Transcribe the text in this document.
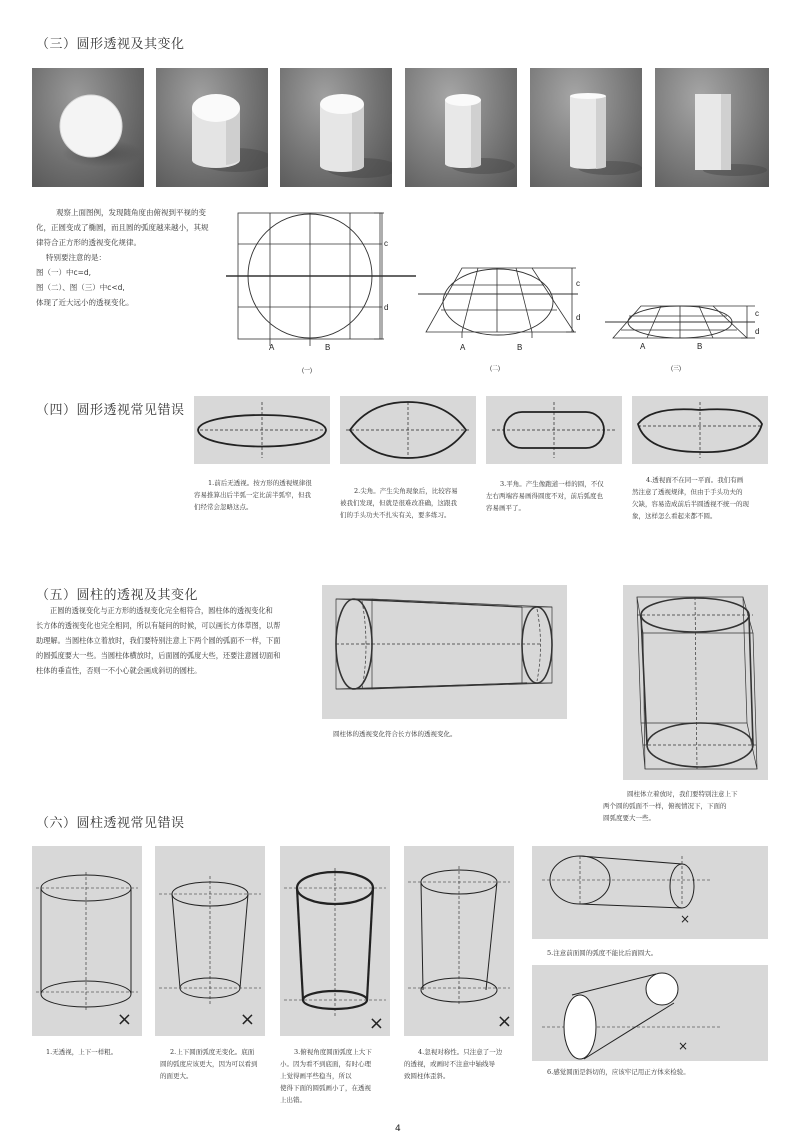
（三）圆形透视及其变化
观察上面图例，发现随角度由俯视到平视的变
化，正圆变成了椭圆，而且圆的弧度越来越小，其规
律符合正方形的透视变化规律。
特别要注意的是：
图（一）中c=d,
图（二）、图（三）中c<d,
体现了近大远小的透视变化。
c
d
A	B
(一)
c
d
A	B
(二)
c
d
A	B
(三)
（四）圆形透视常见错误
1.前后无透视。按方形的透视规律很
容易推算出后半弧一定比前半弧窄，但我
们经常会忽略这点。
2.尖角。产生尖角现象后，比较容易
被我们发现，但就是很难改准确，这跟我
们的手头功夫不扎实有关，要多练习。
3.平角。产生像跑道一样的圆，不仅
左右两端容易画得圆度不对，前后弧度也
容易画平了。
4.透视面不在同一平面。我们有画
然注意了透视规律，但由于手头功夫的
欠缺，容易造成前后半圆透视不统一的现
象，这样怎么看起来都不圆。
（五）圆柱的透视及其变化
正圆的透视变化与正方形的透视变化完全相符合，圆柱体的透视变化和
长方体的透视变化也完全相同，所以有疑问的时候，可以画长方体草图，以帮
助理解。当圆柱体立着放时，我们要特别注意上下两个圆的弧面不一样，下面
的圆弧度要大一些。当圆柱体横放时，后面圆的弧度大些，还要注意圆切面和
柱体的垂直性，否则一不小心就会画成斜切的圆柱。
圆柱体的透视变化符合长方体的透视变化。
圆柱体立着放时，我们要特别注意上下
两个圆的弧面不一样，俯视情况下，下面的
圆弧度要大一些。
（六）圆柱透视常见错误
×	×	×	×
×
5.注意前面圆的弧度不能比后面圆大。
×
1.无透视，上下一样粗。	2.上下圆面弧度无变化。底面
圆的弧度应该更大，因为可以看到
的面更大。
3.俯视角度圆面弧度上大下
小。因为看不到底面，有时心理
上觉得画平些稳当，所以
使得下面的圆弧画小了，在透视
上出错。
4.忽视对称性。只注意了一边
的透视，或画时不注意中轴线导
致圆柱体歪斜。	6.感觉圆面是斜切的，应该牢记用正方体来检验。
4
